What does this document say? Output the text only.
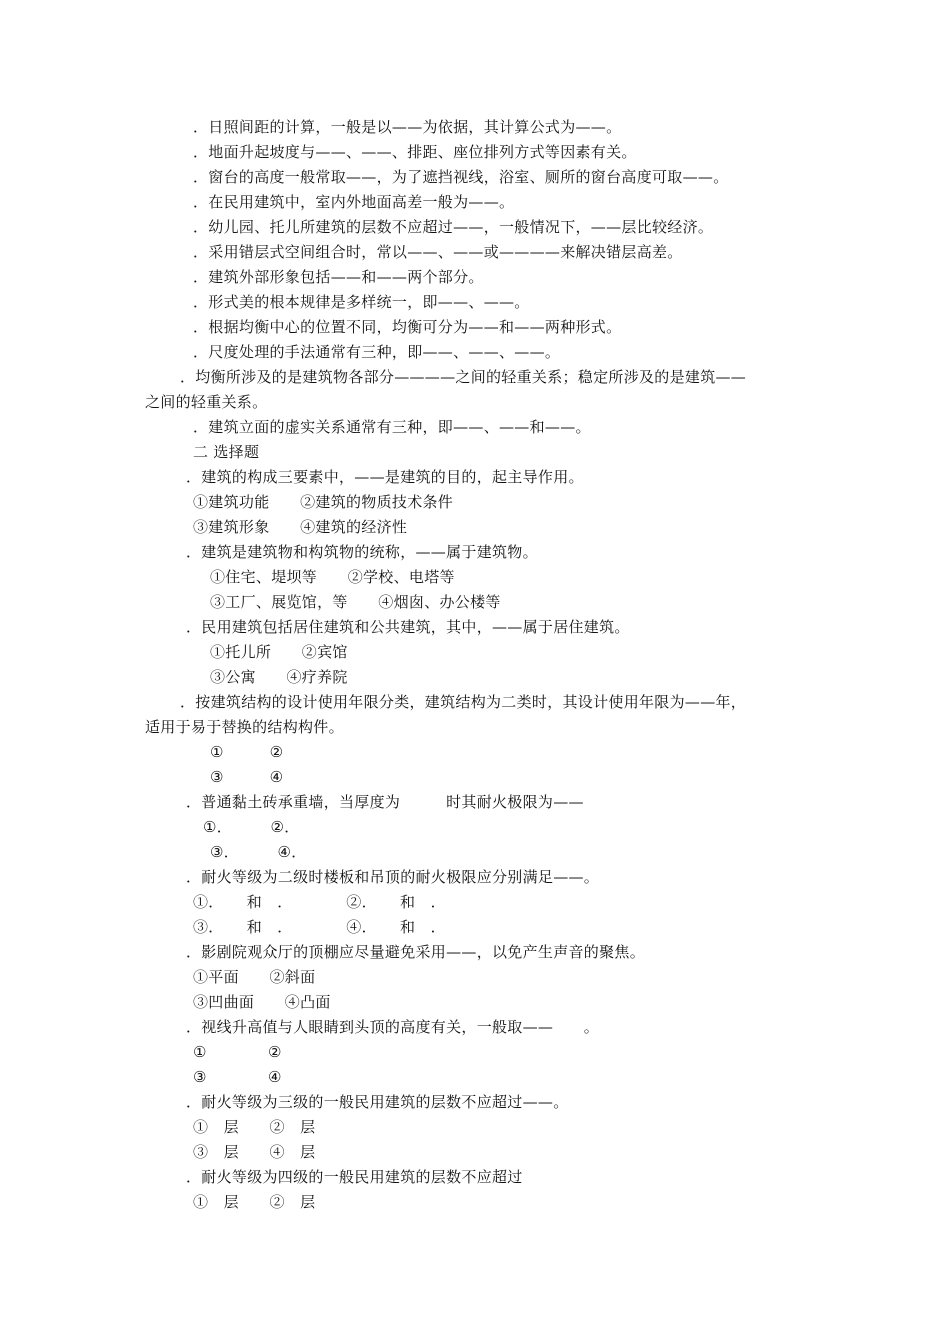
．日照间距的计算，一般是以——为依据，其计算公式为——。
．地面升起坡度与——、——、排距、座位排列方式等因素有关。
．窗台的高度一般常取——，为了遮挡视线，浴室、厕所的窗台高度可取——。
．在民用建筑中，室内外地面高差一般为——。
．幼儿园、托儿所建筑的层数不应超过——，一般情况下，——层比较经济。
．采用错层式空间组合时，常以——、——或————来解决错层高差。
．建筑外部形象包括——和——两个部分。
．形式美的根本规律是多样统一，即——、——。
．根据均衡中心的位置不同，均衡可分为——和——两种形式。
．尺度处理的手法通常有三种，即——、——、——。
．均衡所涉及的是建筑物各部分————之间的轻重关系；稳定所涉及的是建筑——
之间的轻重关系。
．建筑立面的虚实关系通常有三种，即——、——和——。
二 选择题
．建筑的构成三要素中，——是建筑的目的，起主导作用。
①建筑功能　　②建筑的物质技术条件
③建筑形象　　④建筑的经济性
．建筑是建筑物和构筑物的统称，——属于建筑物。
①住宅、堤坝等　　②学校、电塔等
③工厂、展览馆，等　　④烟囱、办公楼等
．民用建筑包括居住建筑和公共建筑，其中，——属于居住建筑。
①托儿所　　②宾馆
③公寓　　④疗养院
．按建筑结构的设计使用年限分类，建筑结构为二类时，其设计使用年限为——年，
适用于易于替换的结构构件。
①　　　②
③　　　④
．普通黏土砖承重墙，当厚度为　　　时其耐火极限为——
①．　　　②．
③．　　　④．
．耐火等级为二级时楼板和吊顶的耐火极限应分别满足——。
①．　　和　．　　　　②．　　和　．
③．　　和　．　　　　④．　　和　．
．影剧院观众厅的顶棚应尽量避免采用——，以免产生声音的聚焦。
①平面　　②斜面
③凹曲面　　④凸面
．视线升高值与人眼睛到头顶的高度有关，一般取——　　。
①　　　　②
③　　　　④
．耐火等级为三级的一般民用建筑的层数不应超过——。
①　层　　②　层
③　层　　④　层
．耐火等级为四级的一般民用建筑的层数不应超过
①　层　　②　层
